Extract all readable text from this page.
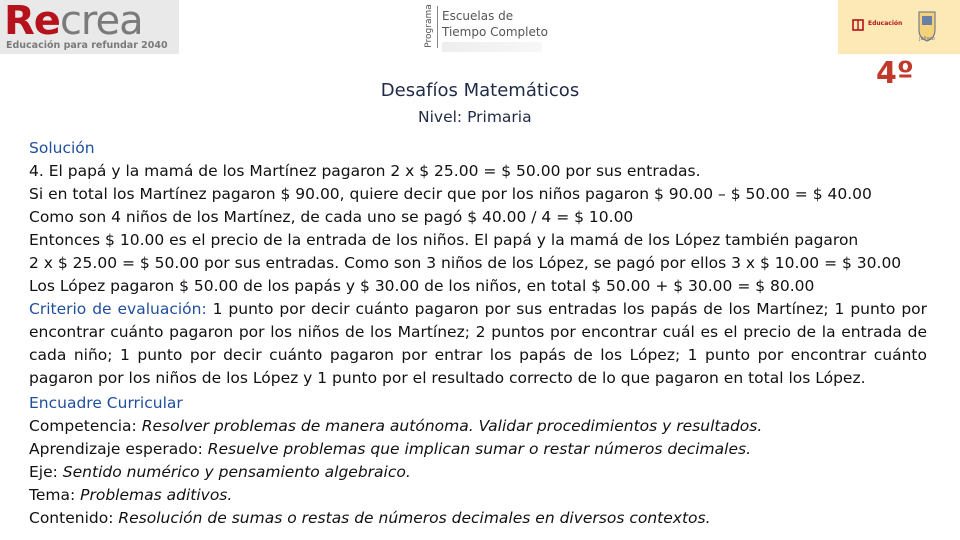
Recrea
Educación para refundar 2040	Programa Escuelas de
Tiempo Completo
Educación
Jalisco
4º
Desafíos Matemáticos
Nivel: Primaria

Solución

4. El papá y la mamá de los Martínez pagaron 2 x $ 25.00 = $ 50.00 por sus entradas.

Si en total los Martínez pagaron $ 90.00, quiere decir que por los niños pagaron $ 90.00 – $ 50.00 = $ 40.00

Como son 4 niños de los Martínez, de cada uno se pagó $ 40.00 / 4 = $ 10.00

Entonces $ 10.00 es el precio de la entrada de los niños. El papá y la mamá de los López también pagaron

2 x $ 25.00 = $ 50.00 por sus entradas. Como son 3 niños de los López, se pagó por ellos 3 x $ 10.00 = $ 30.00

Los López pagaron $ 50.00 de los papás y $ 30.00 de los niños, en total $ 50.00 + $ 30.00 = $ 80.00

Criterio de evaluación: 1 punto por decir cuánto pagaron por sus entradas los papás de los Martínez; 1 punto por encontrar cuánto pagaron por los niños de los Martínez; 2 puntos por encontrar cuál es el precio de la entrada de cada niño; 1 punto por decir cuánto pagaron por entrar los papás de los López; 1 punto por encontrar cuánto pagaron por los niños de los López y 1 punto por el resultado correcto de lo que pagaron en total los López.

Encuadre Curricular

Competencia: Resolver problemas de manera autónoma. Validar procedimientos y resultados.

Aprendizaje esperado: Resuelve problemas que implican sumar o restar números decimales.

Eje: Sentido numérico y pensamiento algebraico.

Tema: Problemas aditivos.

Contenido: Resolución de sumas o restas de números decimales en diversos contextos.
